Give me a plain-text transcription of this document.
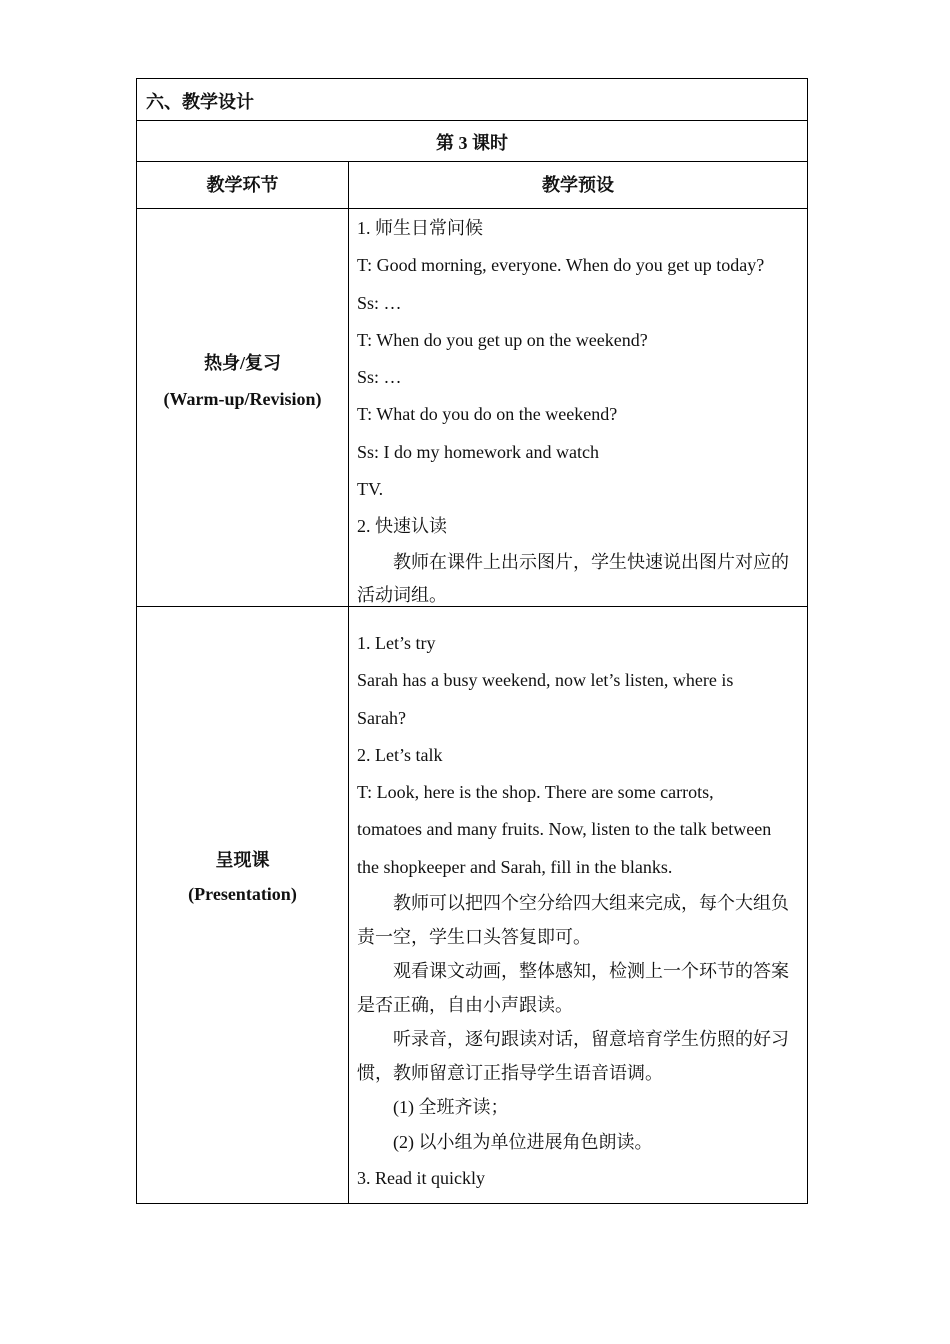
六、教学设计
第 3 课时
教学环节	教学预设
热身/复习
(Warm-up/Revision)
1. 师生日常问候
T: Good morning, everyone. When do you get up today?
Ss: …
T: When do you get up on the weekend?
Ss: …
T: What do you do on the weekend?
Ss: I do my homework and watch
TV.
2. 快速认读
教师在课件上出示图片，学生快速说出图片对应的活动词组。
呈现课
(Presentation)
1. Let’s try
Sarah has a busy weekend, now let’s listen, where is
Sarah?
2. Let’s talk
T: Look, here is the shop. There are some carrots,
tomatoes and many fruits. Now, listen to the talk between
the shopkeeper and Sarah, fill in the blanks.
教师可以把四个空分给四大组来完成，每个大组负责一空，学生口头答复即可。
观看课文动画，整体感知，检测上一个环节的答案是否正确，自由小声跟读。
听录音，逐句跟读对话，留意培育学生仿照的好习惯，教师留意订正指导学生语音语调。
(1) 全班齐读；
(2) 以小组为单位进展角色朗读。
3. Read it quickly
